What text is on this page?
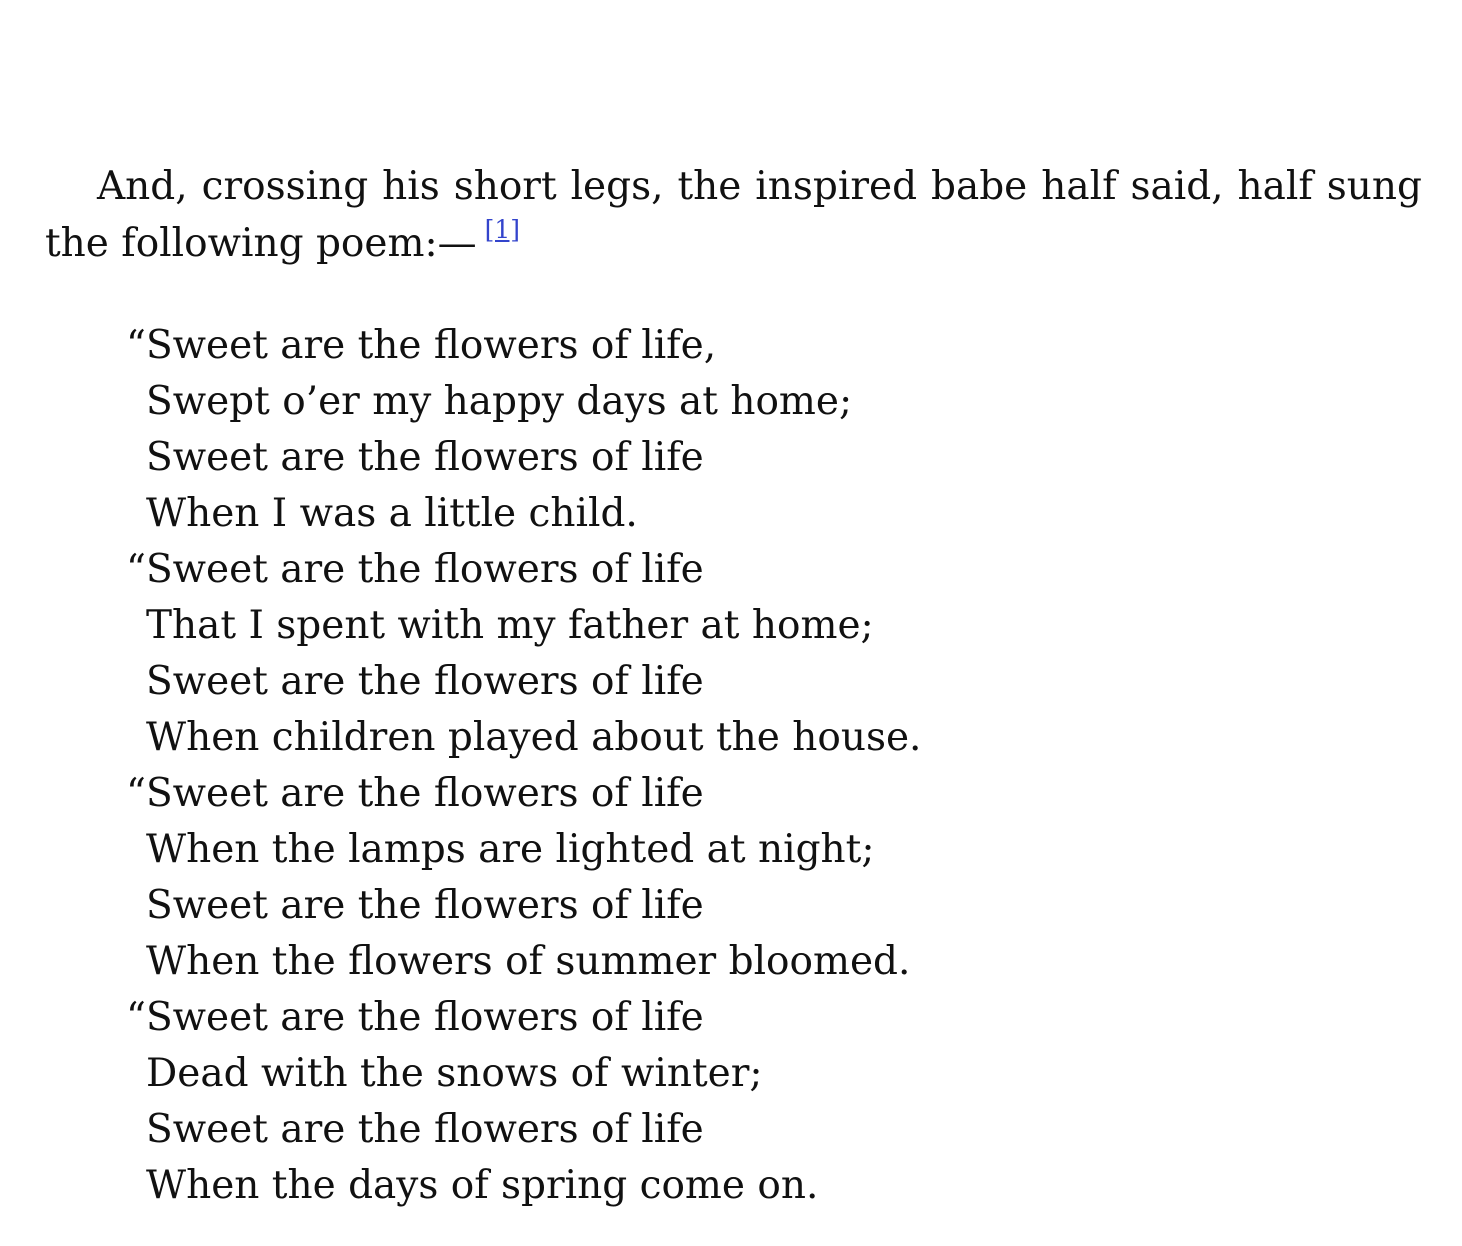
And, crossing his short legs, the inspired babe half said, half sung the following poem:— [1]

“Sweet are the flowers of life,
Swept o’er my happy days at home;
Sweet are the flowers of life
When I was a little child.
“Sweet are the flowers of life
That I spent with my father at home;
Sweet are the flowers of life
When children played about the house.
“Sweet are the flowers of life
When the lamps are lighted at night;
Sweet are the flowers of life
When the flowers of summer bloomed.
“Sweet are the flowers of life
Dead with the snows of winter;
Sweet are the flowers of life
When the days of spring come on.
